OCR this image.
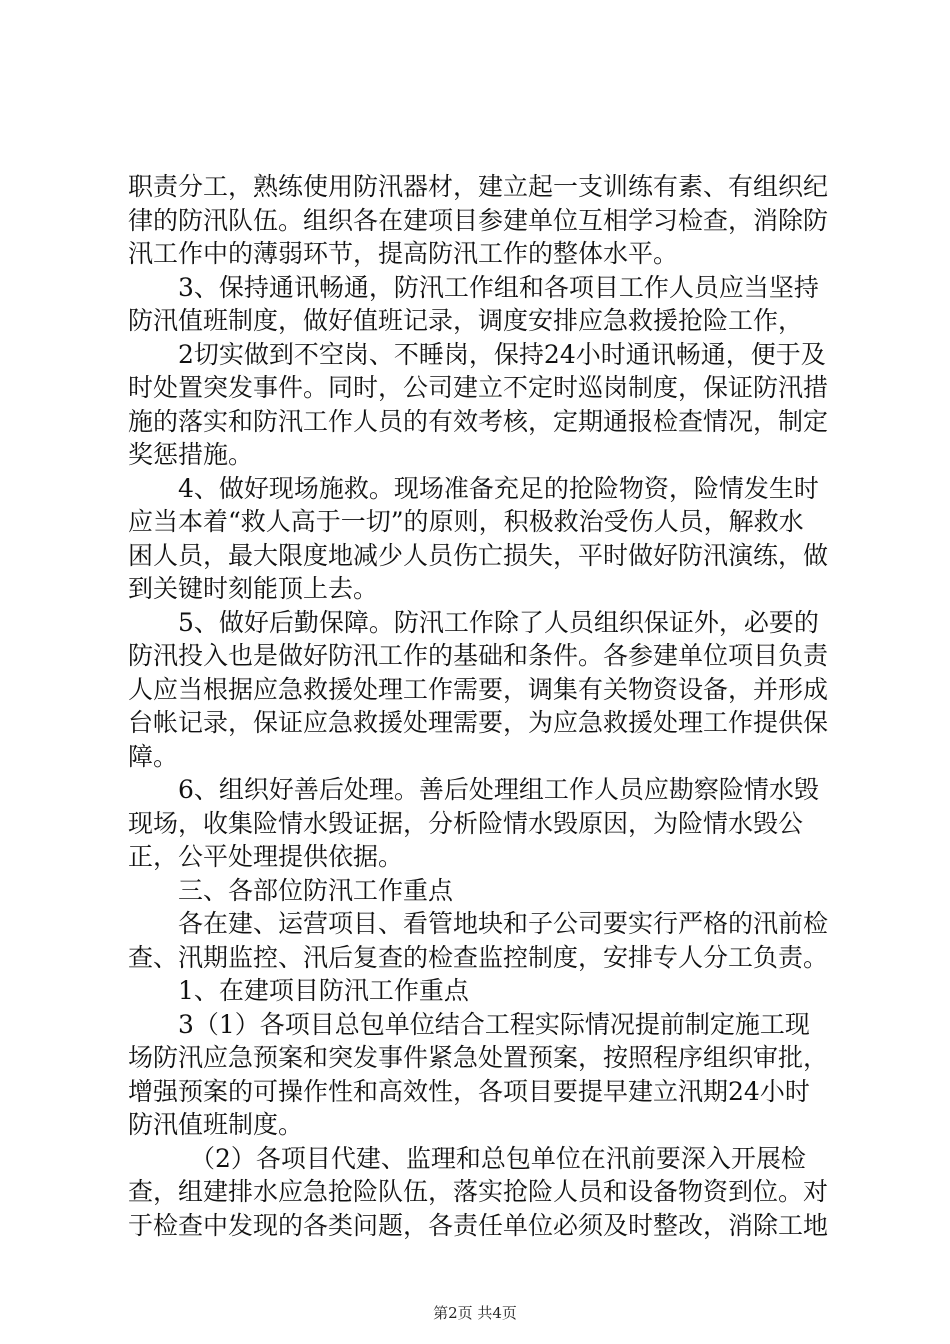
职责分工，熟练使用防汛器材，建立起一支训练有素、有组织纪律的防汛队伍。组织各在建项目参建单位互相学习检查，消除防汛工作中的薄弱环节，提高防汛工作的整体水平。

3、保持通讯畅通，防汛工作组和各项目工作人员应当坚持防汛值班制度，做好值班记录，调度安排应急救援抢险工作，

2切实做到不空岗、不睡岗，保持24小时通讯畅通，便于及时处置突发事件。同时，公司建立不定时巡岗制度，保证防汛措施的落实和防汛工作人员的有效考核，定期通报检查情况，制定奖惩措施。

4、做好现场施救。现场准备充足的抢险物资，险情发生时应当本着“救人高于一切”的原则，积极救治受伤人员，解救水困人员，最大限度地减少人员伤亡损失，平时做好防汛演练，做到关键时刻能顶上去。

5、做好后勤保障。防汛工作除了人员组织保证外，必要的防汛投入也是做好防汛工作的基础和条件。各参建单位项目负责人应当根据应急救援处理工作需要，调集有关物资设备，并形成台帐记录，保证应急救援处理需要，为应急救援处理工作提供保障。

6、组织好善后处理。善后处理组工作人员应勘察险情水毁现场，收集险情水毁证据，分析险情水毁原因，为险情水毁公正，公平处理提供依据。

三、各部位防汛工作重点

各在建、运营项目、看管地块和子公司要实行严格的汛前检查、汛期监控、汛后复查的检查监控制度，安排专人分工负责。

1、在建项目防汛工作重点

3（1）各项目总包单位结合工程实际情况提前制定施工现场防汛应急预案和突发事件紧急处置预案，按照程序组织审批，增强预案的可操作性和高效性，各项目要提早建立汛期24小时防汛值班制度。

（2）各项目代建、监理和总包单位在汛前要深入开展检查，组建排水应急抢险队伍，落实抢险人员和设备物资到位。对于检查中发现的各类问题，各责任单位必须及时整改，消除工地

第2页 共4页
